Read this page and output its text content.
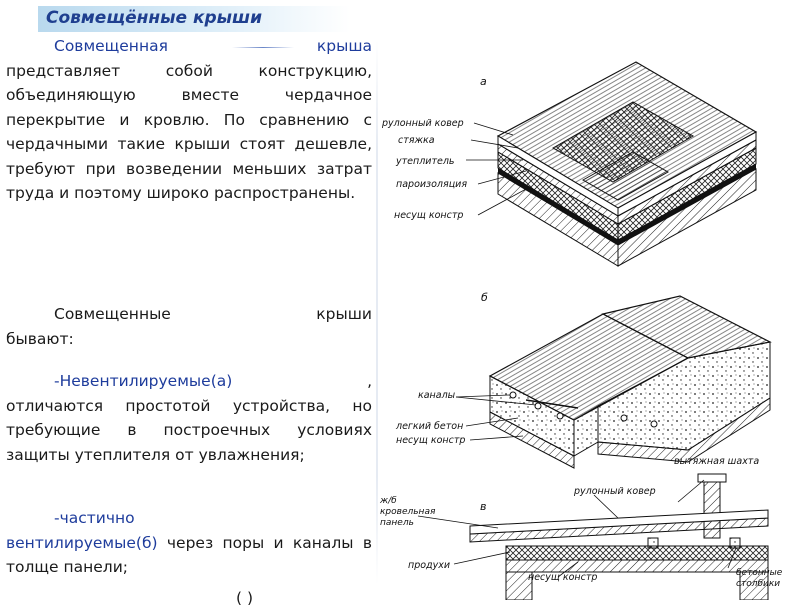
Совмещённые крыши
Совмещенная	крыша
представляет собой конструкцию, объединяющую вместе чердачное перекрытие и кровлю. По сравнению с чердачными такие крыши стоят дешевле, требуют при возведении меньших затрат труда и поэтому широко распространены.
Совмещенные	крыши
бывают:
-Невентилируемые(а)	,
отличаются простотой устройства, но требующие в построечных условиях защиты утеплителя от увлажнения;
-частично
вентилируемые(б) через поры и каналы в толще панели;
( )
а
рулонный ковер
стяжка
утеплитель
пароизоляция
несущ констр
б
каналы
легкий бетон
несущ констр
в
вытяжная шахта
рулонный ковер
ж/б
кровельная
панель
продухи
несущ констр	бетонные
столбики
